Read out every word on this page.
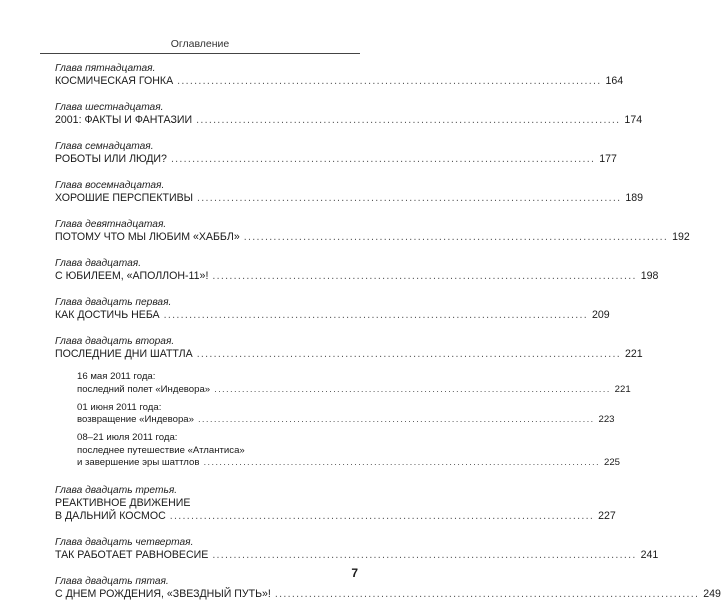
Оглавление
Глава пятнадцатая.
КОСМИЧЕСКАЯ ГОНКА .................................................................................................... 164
Глава шестнадцатая.
2001: ФАКТЫ И ФАНТАЗИИ .................................................................................................... 174
Глава семнадцатая.
РОБОТЫ ИЛИ ЛЮДИ? .................................................................................................... 177
Глава восемнадцатая.
ХОРОШИЕ ПЕРСПЕКТИВЫ .................................................................................................... 189
Глава девятнадцатая.
ПОТОМУ ЧТО МЫ ЛЮБИМ «ХАББЛ» .................................................................................................... 192
Глава двадцатая.
С ЮБИЛЕЕМ, «АПОЛЛОН-11»! .................................................................................................... 198
Глава двадцать первая.
КАК ДОСТИЧЬ НЕБА .................................................................................................... 209
Глава двадцать вторая.
ПОСЛЕДНИЕ ДНИ ШАТТЛА .................................................................................................... 221
16 мая 2011 года:
последний полет «Индевора» .................................................................................................... 221
01 июня 2011 года:
возвращение «Индевора» .................................................................................................... 223
08–21 июля 2011 года:
последнее путешествие «Атлантиса»
и завершение эры шаттлов .................................................................................................... 225
Глава двадцать третья.
РЕАКТИВНОЕ ДВИЖЕНИЕ
В ДАЛЬНИЙ КОСМОС .................................................................................................... 227
Глава двадцать четвертая.
ТАК РАБОТАЕТ РАВНОВЕСИЕ .................................................................................................... 241
Глава двадцать пятая.
С ДНЕМ РОЖДЕНИЯ, «ЗВЕЗДНЫЙ ПУТЬ»! .................................................................................................... 249
7
